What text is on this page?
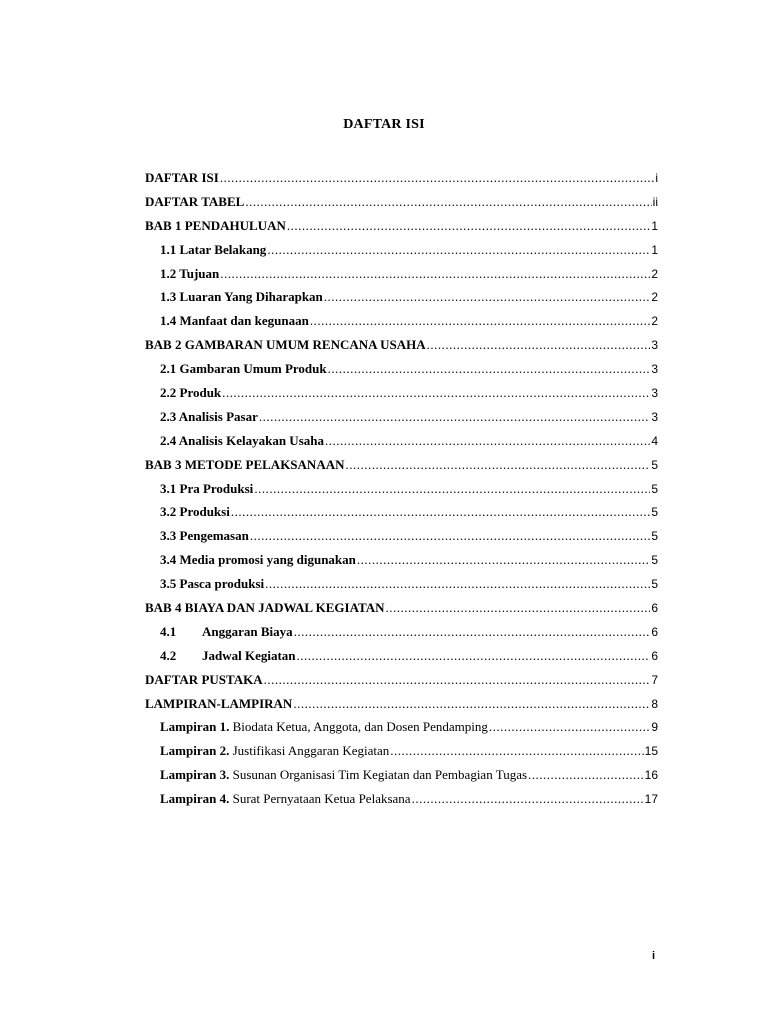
DAFTAR ISI
DAFTAR ISI .....	i
DAFTAR TABEL .....	ii
BAB 1 PENDAHULUAN .....	1
1.1 Latar Belakang .....	1
1.2 Tujuan .....	2
1.3 Luaran Yang Diharapkan .....	2
1.4 Manfaat dan kegunaan .....	2
BAB 2 GAMBARAN UMUM RENCANA USAHA .....	3
2.1 Gambaran Umum Produk .....	3
2.2 Produk .....	3
2.3 Analisis Pasar .....	3
2.4 Analisis Kelayakan Usaha .....	4
BAB 3 METODE PELAKSANAAN .....	5
3.1 Pra Produksi .....	5
3.2 Produksi .....	5
3.3 Pengemasan .....	5
3.4 Media promosi yang digunakan .....	5
3.5 Pasca produksi .....	5
BAB 4 BIAYA DAN JADWAL KEGIATAN .....	6
4.1 Anggaran Biaya .....	6
4.2 Jadwal Kegiatan .....	6
DAFTAR PUSTAKA .....	7
LAMPIRAN-LAMPIRAN .....	8
Lampiran 1. Biodata Ketua, Anggota, dan Dosen Pendamping .....	9
Lampiran 2. Justifikasi Anggaran Kegiatan .....	15
Lampiran 3. Susunan Organisasi Tim Kegiatan dan Pembagian Tugas .....	16
Lampiran 4. Surat Pernyataan Ketua Pelaksana .....	17
i
